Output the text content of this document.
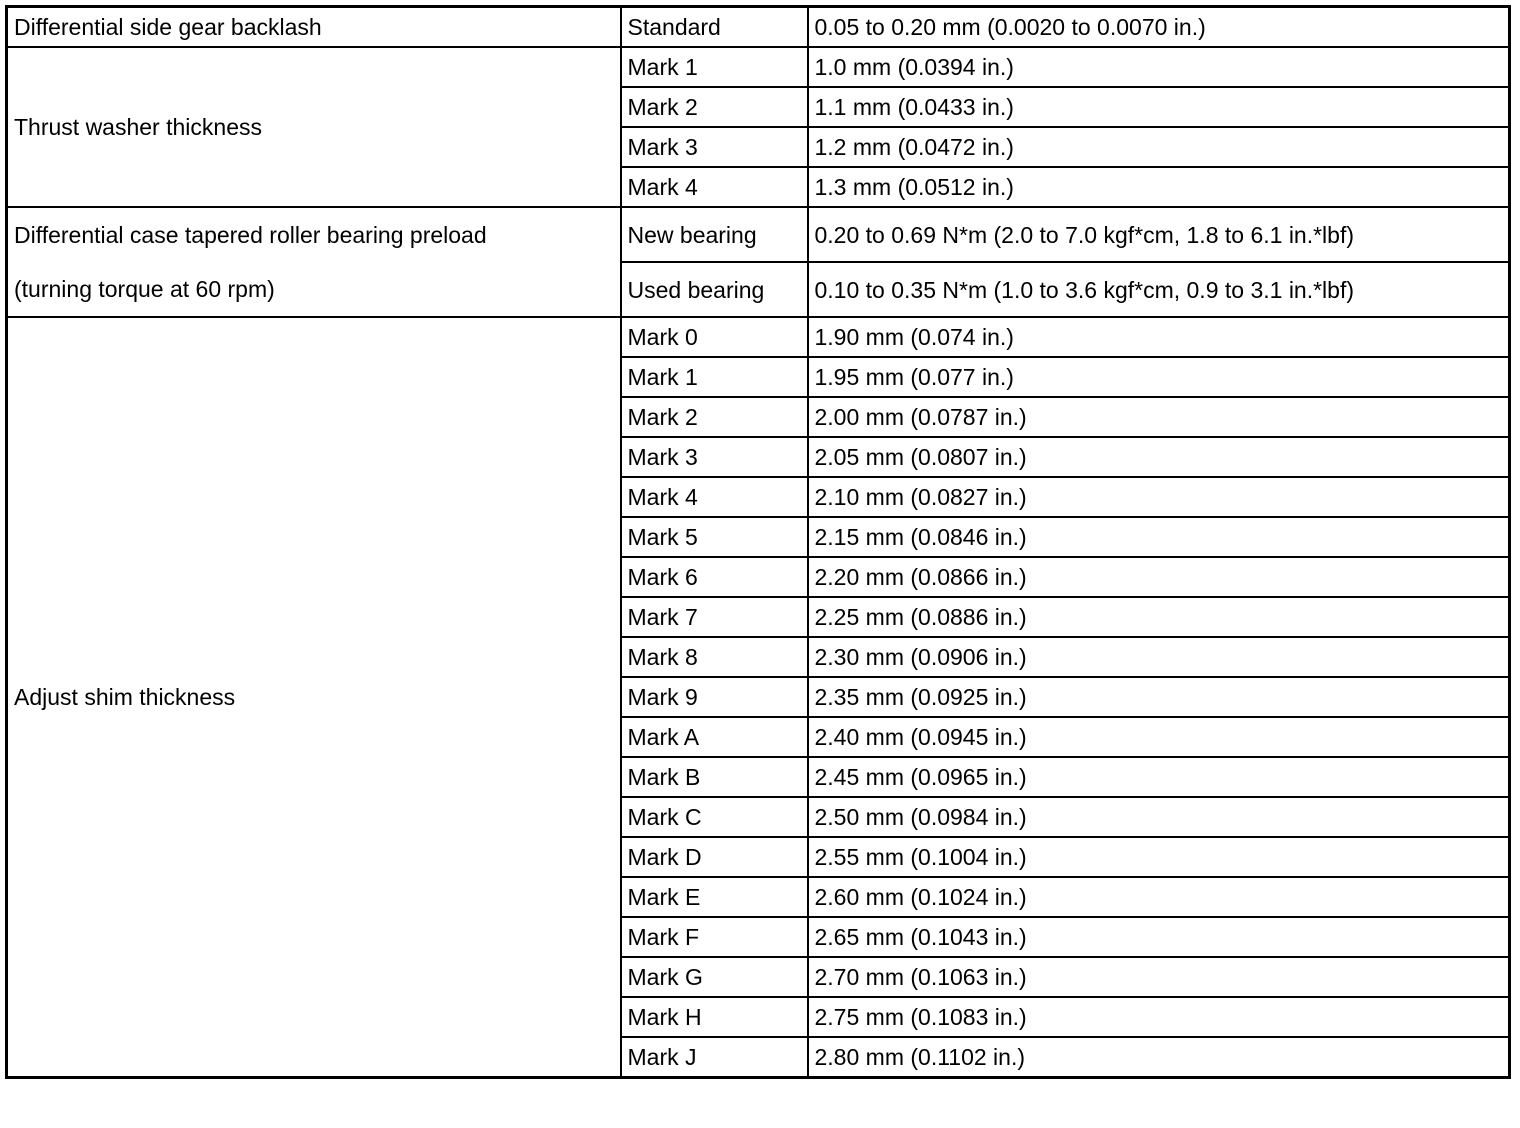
Differential side gear backlash	Standard	0.05 to 0.20 mm (0.0020 to 0.0070 in.)
Thrust washer thickness	Mark 1	1.0 mm (0.0394 in.)
	Mark 2	1.1 mm (0.0433 in.)
	Mark 3	1.2 mm (0.0472 in.)
	Mark 4	1.3 mm (0.0512 in.)

Differential case tapered roller bearing preload
(turning torque at 60 rpm)	New bearing	0.20 to 0.69 N*m (2.0 to 7.0 kgf*cm, 1.8 to 6.1 in.*lbf)
	Used bearing	0.10 to 0.35 N*m (1.0 to 3.6 kgf*cm, 0.9 to 3.1 in.*lbf)
Adjust shim thickness	Mark 0	1.90 mm (0.074 in.)
	Mark 1	1.95 mm (0.077 in.)
	Mark 2	2.00 mm (0.0787 in.)
	Mark 3	2.05 mm (0.0807 in.)
	Mark 4	2.10 mm (0.0827 in.)
	Mark 5	2.15 mm (0.0846 in.)
	Mark 6	2.20 mm (0.0866 in.)
	Mark 7	2.25 mm (0.0886 in.)
	Mark 8	2.30 mm (0.0906 in.)
	Mark 9	2.35 mm (0.0925 in.)
	Mark A	2.40 mm (0.0945 in.)
	Mark B	2.45 mm (0.0965 in.)
	Mark C	2.50 mm (0.0984 in.)
	Mark D	2.55 mm (0.1004 in.)
	Mark E	2.60 mm (0.1024 in.)
	Mark F	2.65 mm (0.1043 in.)
	Mark G	2.70 mm (0.1063 in.)
	Mark H	2.75 mm (0.1083 in.)
	Mark J	2.80 mm (0.1102 in.)
